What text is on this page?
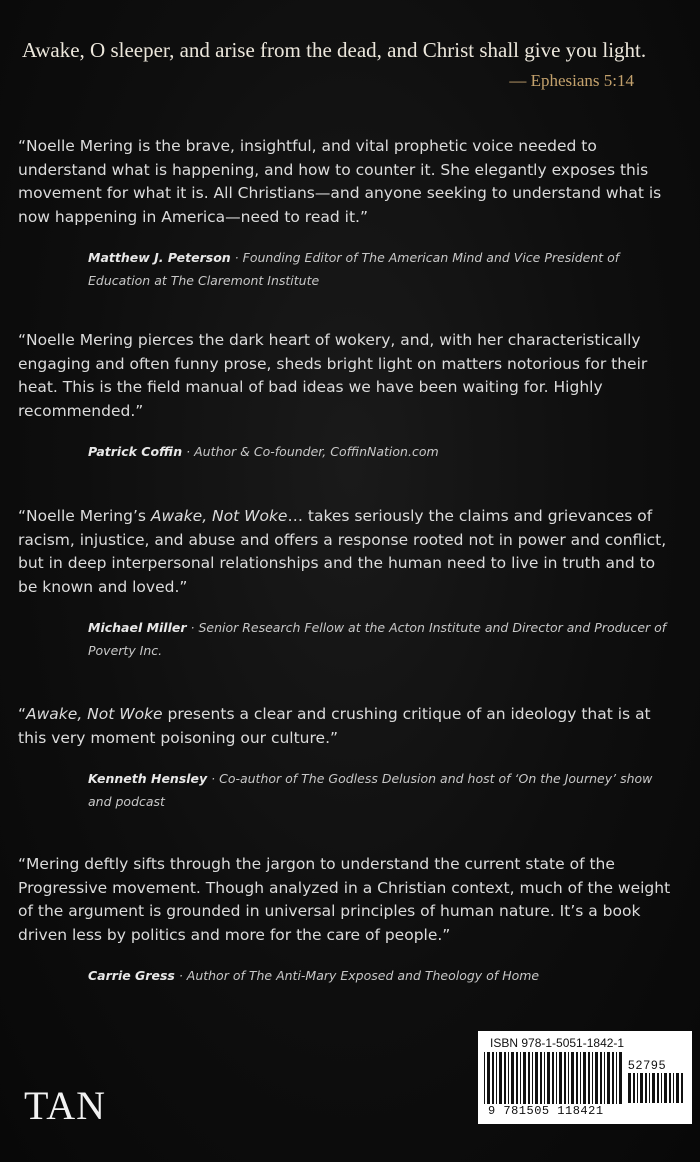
Awake, O sleeper, and arise from the dead, and Christ shall give you light.
— Ephesians 5:14

“Noelle Mering is the brave, insightful, and vital prophetic voice needed to understand what is happening, and how to counter it. She elegantly exposes this movement for what it is. All Christians—and anyone seeking to understand what is now happening in America—need to read it.”

Matthew J. Peterson · Founding Editor of The American Mind and Vice President of Education at The Claremont Institute

“Noelle Mering pierces the dark heart of wokery, and, with her characteristically engaging and often funny prose, sheds bright light on matters notorious for their heat. This is the field manual of bad ideas we have been waiting for. Highly recommended.”

Patrick Coffin · Author & Co-founder, CoffinNation.com

“Noelle Mering’s Awake, Not Woke… takes seriously the claims and grievances of racism, injustice, and abuse and offers a response rooted not in power and conflict, but in deep interpersonal relationships and the human need to live in truth and to be known and loved.”

Michael Miller · Senior Research Fellow at the Acton Institute and Director and Producer of Poverty Inc.

“Awake, Not Woke presents a clear and crushing critique of an ideology that is at this very moment poisoning our culture.”

Kenneth Hensley · Co-author of The Godless Delusion and host of ‘On the Journey’ show and podcast

“Mering deftly sifts through the jargon to understand the current state of the Progressive movement. Though analyzed in a Christian context, much of the weight of the argument is grounded in universal principles of human nature. It’s a book driven less by politics and more for the care of people.”

Carrie Gress · Author of The Anti-Mary Exposed and Theology of Home
TAN
ISBN 978-1-5051-1842-1
52795
9 781505 118421
